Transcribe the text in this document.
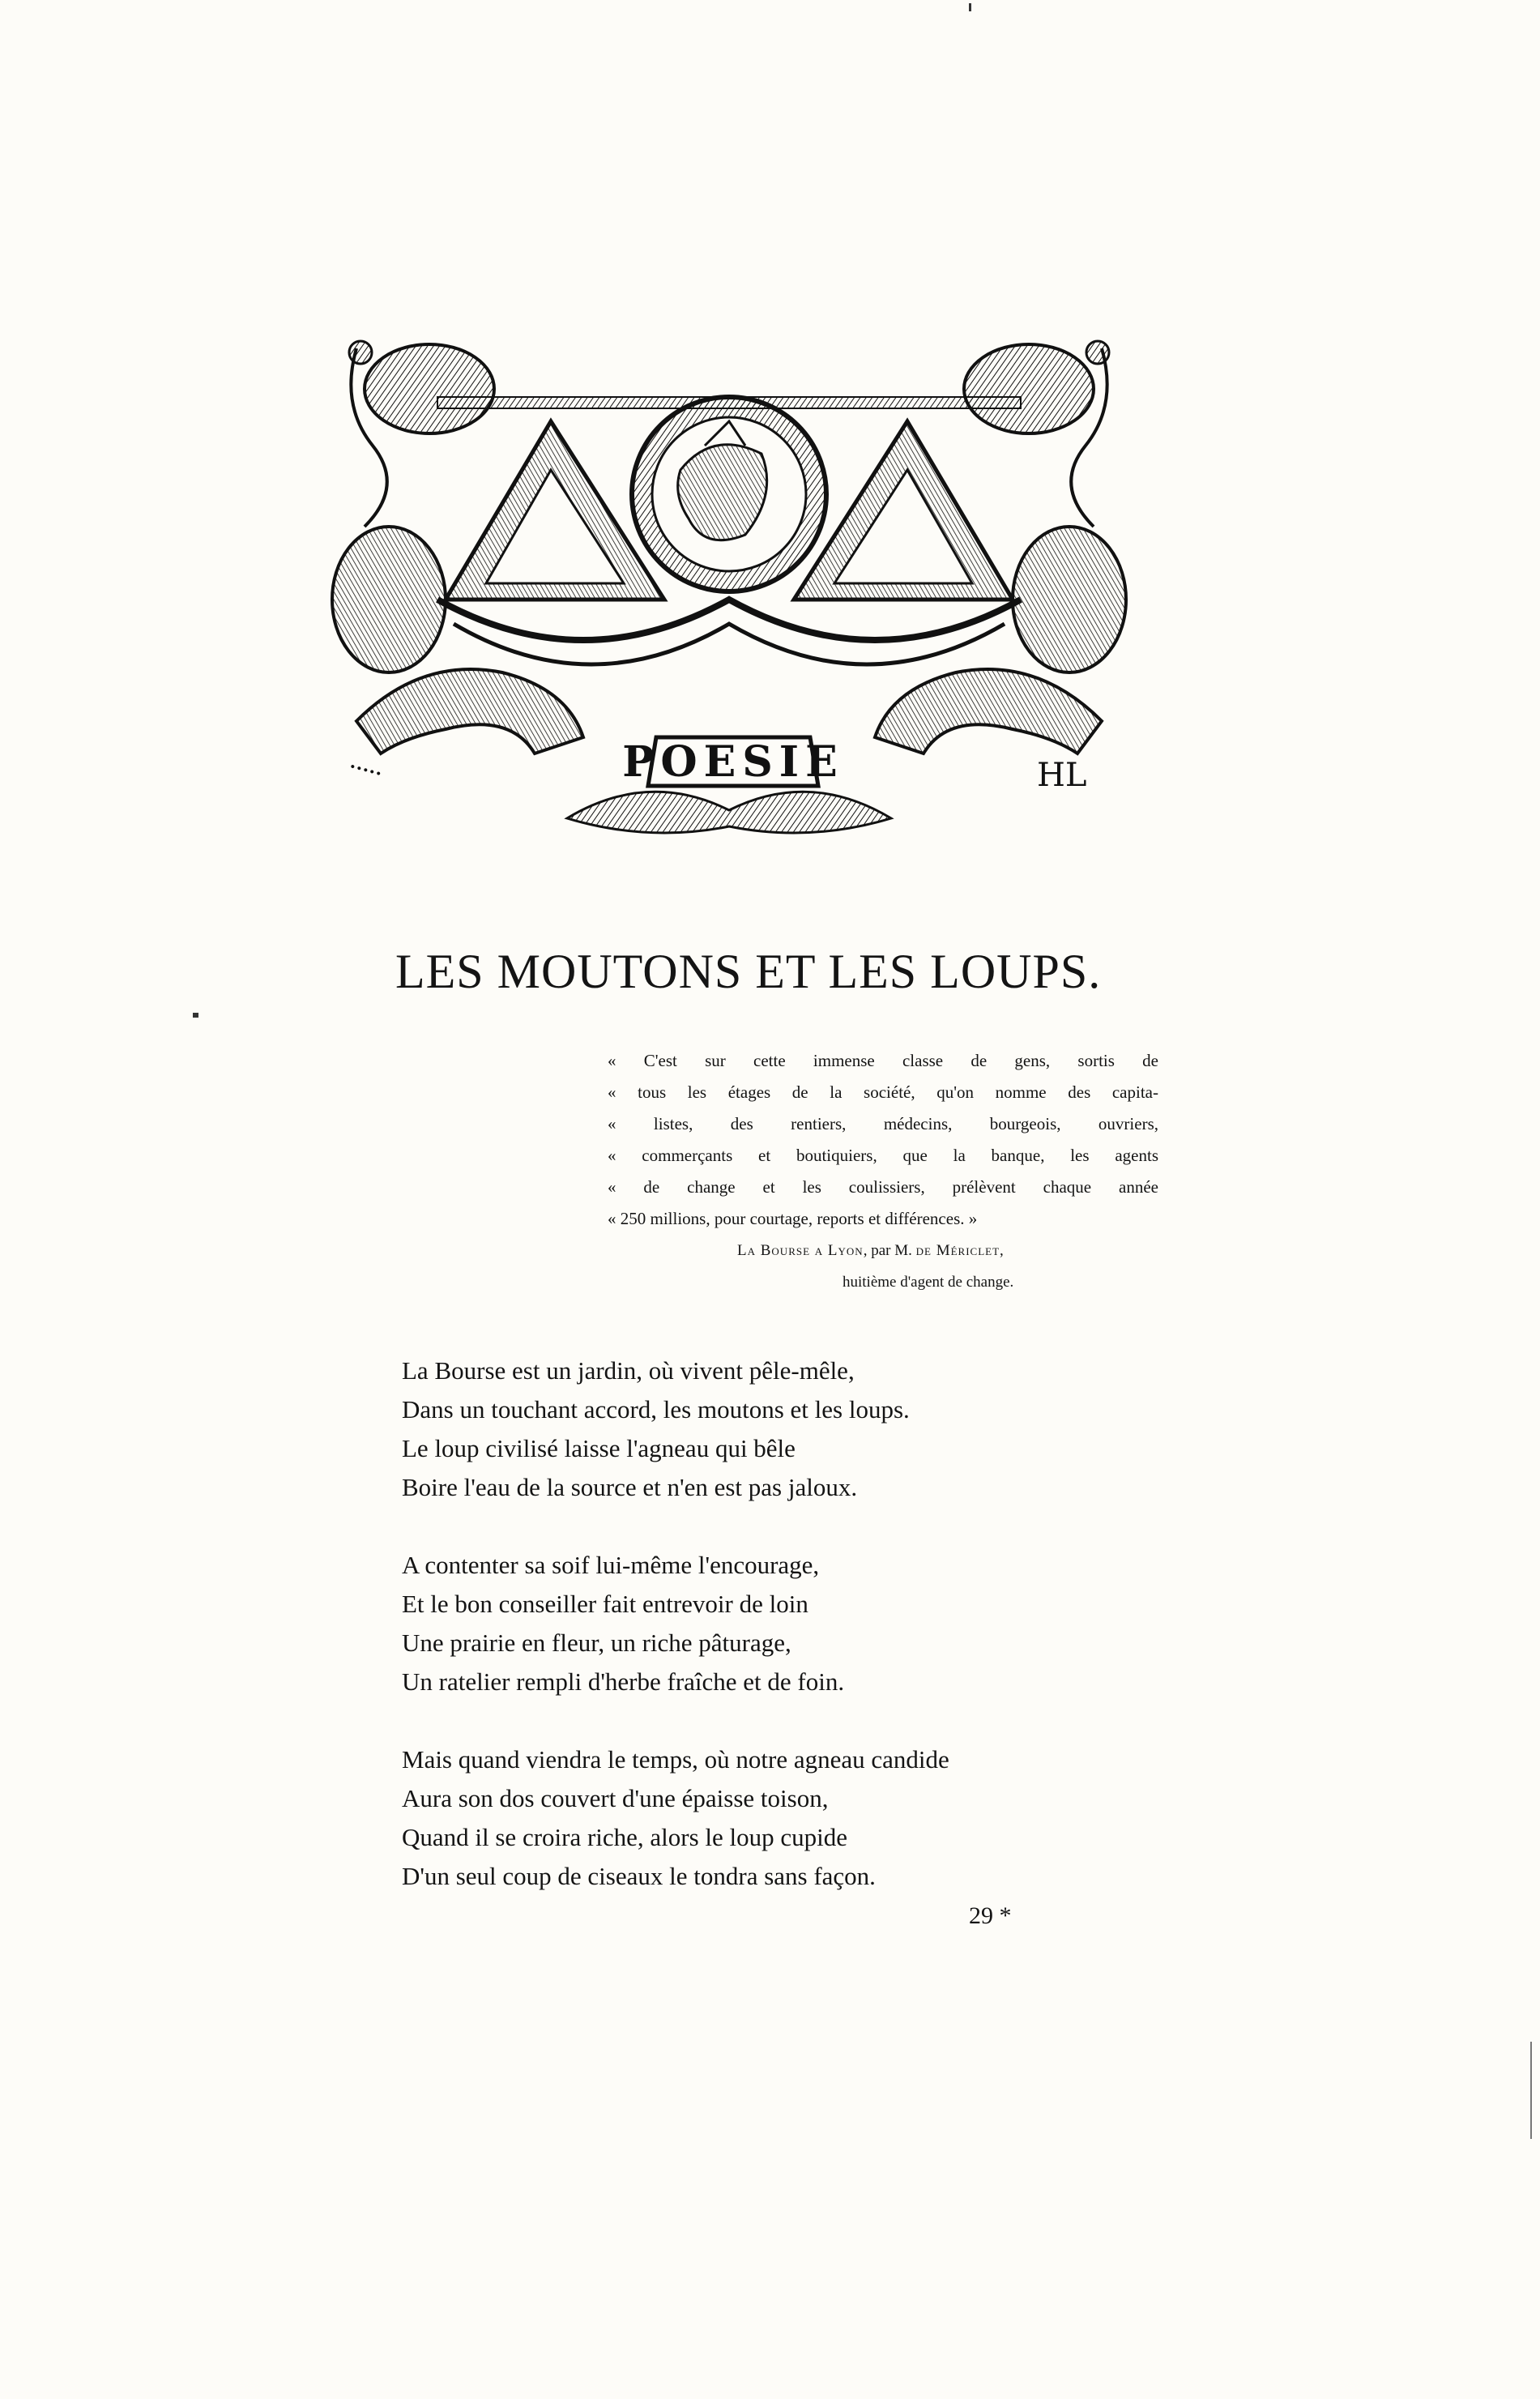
POESIE
•••••	HL
LES MOUTONS ET LES LOUPS.
« C'est sur cette immense classe de gens, sortis de
« tous les étages de la société, qu'on nomme des capita-
« listes, des rentiers, médecins, bourgeois, ouvriers,
« commerçants et boutiquiers, que la banque, les agents
« de change et les coulissiers, prélèvent chaque année
« 250 millions, pour courtage, reports et différences. »
La Bourse a Lyon, par M. de Mériclet,
huitième d'agent de change.
La Bourse est un jardin, où vivent pêle-mêle,
Dans un touchant accord, les moutons et les loups.
Le loup civilisé laisse l'agneau qui bêle
Boire l'eau de la source et n'en est pas jaloux.
A contenter sa soif lui-même l'encourage,
Et le bon conseiller fait entrevoir de loin
Une prairie en fleur, un riche pâturage,
Un ratelier rempli d'herbe fraîche et de foin.
Mais quand viendra le temps, où notre agneau candide
Aura son dos couvert d'une épaisse toison,
Quand il se croira riche, alors le loup cupide
D'un seul coup de ciseaux le tondra sans façon.
29 *
